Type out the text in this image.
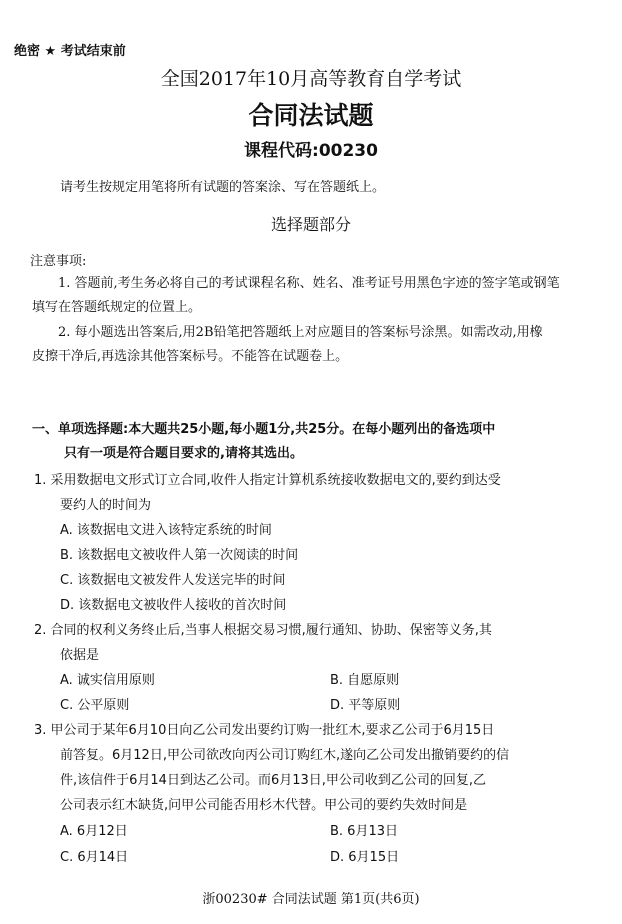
绝密 ★ 考试结束前
全国2017年10月高等教育自学考试
合同法试题
课程代码:00230
请考生按规定用笔将所有试题的答案涂、写在答题纸上。
选择题部分
注意事项:
1. 答题前,考生务必将自己的考试课程名称、姓名、准考证号用黑色字迹的签字笔或钢笔
填写在答题纸规定的位置上。
2. 每小题选出答案后,用2B铅笔把答题纸上对应题目的答案标号涂黑。如需改动,用橡
皮擦干净后,再选涂其他答案标号。不能答在试题卷上。
一、单项选择题:本大题共25小题,每小题1分,共25分。在每小题列出的备选项中
只有一项是符合题目要求的,请将其选出。
1. 采用数据电文形式订立合同,收件人指定计算机系统接收数据电文的,要约到达受
要约人的时间为
A. 该数据电文进入该特定系统的时间
B. 该数据电文被收件人第一次阅读的时间
C. 该数据电文被发件人发送完毕的时间
D. 该数据电文被收件人接收的首次时间
2. 合同的权利义务终止后,当事人根据交易习惯,履行通知、协助、保密等义务,其
依据是
A. 诚实信用原则	B. 自愿原则
C. 公平原则	D. 平等原则
3. 甲公司于某年6月10日向乙公司发出要约订购一批红木,要求乙公司于6月15日
前答复。6月12日,甲公司欲改向丙公司订购红木,遂向乙公司发出撤销要约的信
件,该信件于6月14日到达乙公司。而6月13日,甲公司收到乙公司的回复,乙
公司表示红木缺货,问甲公司能否用杉木代替。甲公司的要约失效时间是
A. 6月12日	B. 6月13日
C. 6月14日	D. 6月15日
浙00230# 合同法试题 第1页(共6页)
